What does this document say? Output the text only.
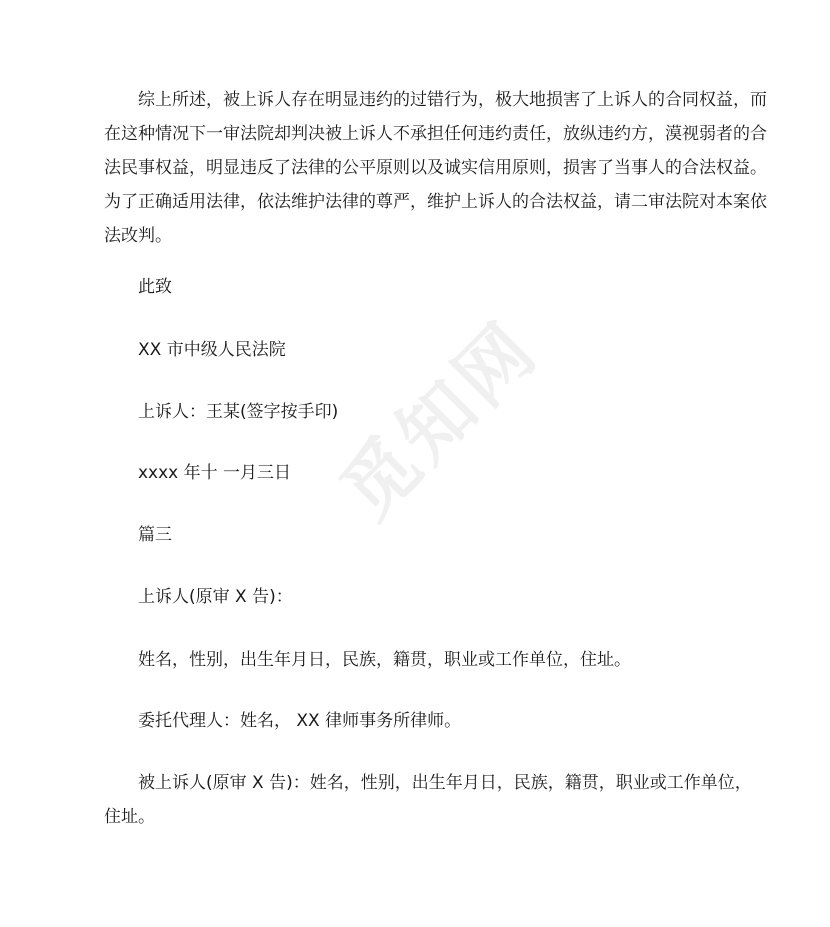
觅知网
综上所述，被上诉人存在明显违约的过错行为，极大地损害了上诉人的合同权益，而
在这种情况下一审法院却判决被上诉人不承担任何违约责任，放纵违约方，漠视弱者的合
法民事权益，明显违反了法律的公平原则以及诚实信用原则，损害了当事人的合法权益。
为了正确适用法律，依法维护法律的尊严，维护上诉人的合法权益，请二审法院对本案依
法改判。
此致
XX 市中级人民法院
上诉人：王某(签字按手印)
xxxx 年十 一月三日
篇三
上诉人(原审 X 告)：
姓名，性别，出生年月日，民族，籍贯，职业或工作单位，住址。
委托代理人：姓名， XX 律师事务所律师。
被上诉人(原审 X 告)：姓名，性别，出生年月日，民族，籍贯，职业或工作单位，
住址。
